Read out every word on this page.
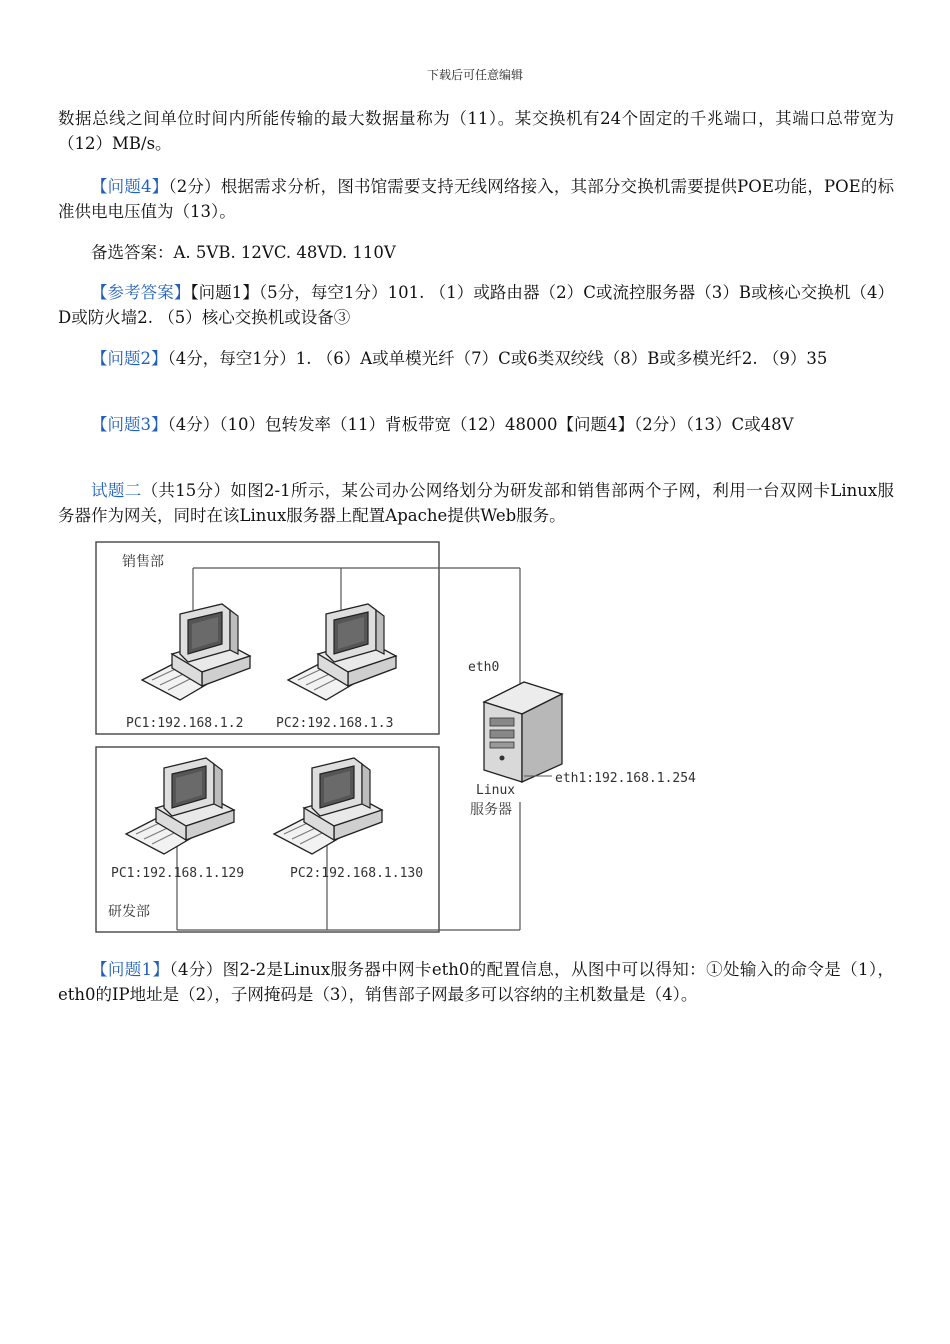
下载后可任意编辑

数据总线之间单位时间内所能传输的最大数据量称为（11）。某交换机有24个固定的千兆端口，其端口总带宽为（12）MB/s。

【问题4】（2分）根据需求分析，图书馆需要支持无线网络接入，其部分交换机需要提供POE功能，POE的标准供电电压值为（13）。

备选答案：A. 5VB. 12VC. 48VD. 110V

【参考答案】【问题1】（5分，每空1分）101. （1）或路由器（2）C或流控服务器（3）B或核心交换机（4）D或防火墙2. （5）核心交换机或设备③

【问题2】（4分，每空1分）1. （6）A或单模光纤（7）C或6类双绞线（8）B或多模光纤2. （9）35

【问题3】（4分）（10）包转发率（11）背板带宽（12）48000【问题4】（2分）（13）C或48V

试题二（共15分）如图2-1所示，某公司办公网络划分为研发部和销售部两个子网，利用一台双网卡Linux服务器作为网关，同时在该Linux服务器上配置Apache提供Web服务。

销售部
研发部
PC1:192.168.1.2	PC2:192.168.1.3
PC1:192.168.1.129	PC2:192.168.1.130
eth0
eth1:192.168.1.254
Linux
服务器

【问题1】（4分）图2-2是Linux服务器中网卡eth0的配置信息，从图中可以得知：①处输入的命令是（1），eth0的IP地址是（2），子网掩码是（3），销售部子网最多可以容纳的主机数量是（4）。
